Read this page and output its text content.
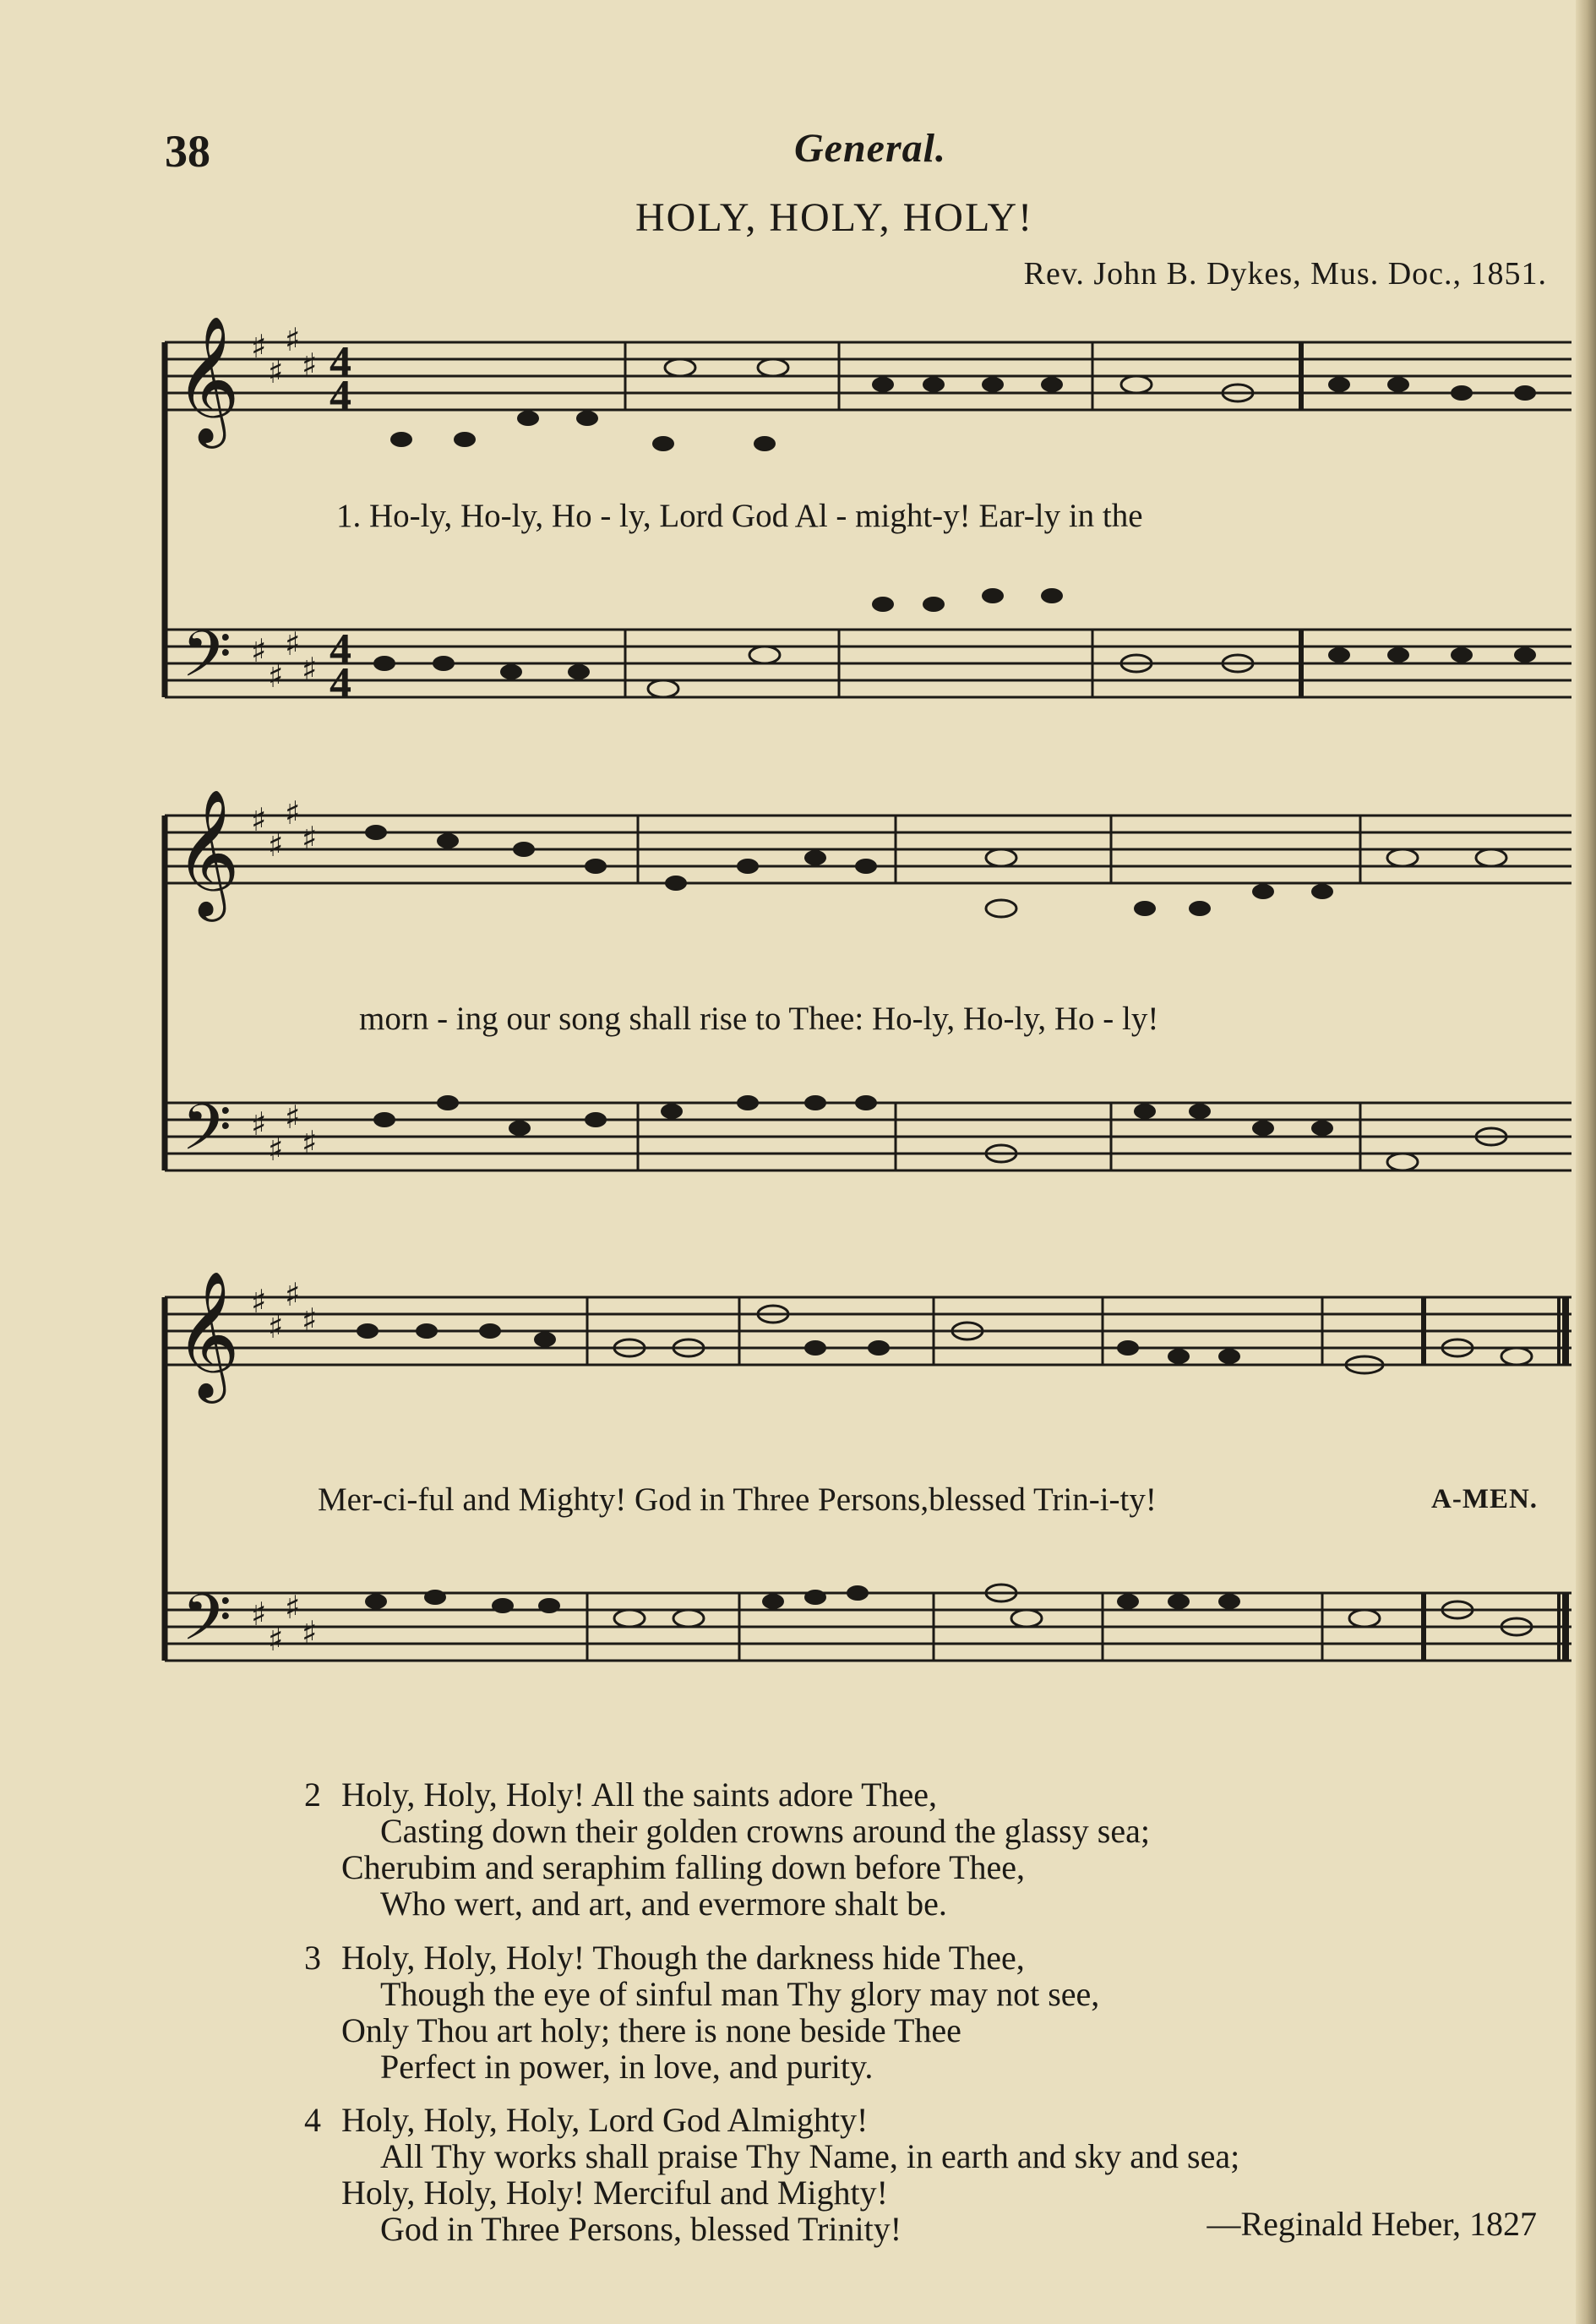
38	General.
HOLY, HOLY, HOLY!
Rev. John B. Dykes, Mus. Doc., 1851.
𝄞
𝄢
♯
♯
♯
♯
♯
♯
♯
♯
4
4
4
4
1. Ho-ly, Ho-ly, Ho - ly, Lord God Al - might-y! Ear-ly in the
𝄞
𝄢
♯
♯
♯
♯
♯
♯
♯
♯
morn - ing our song shall rise to Thee: Ho-ly, Ho-ly, Ho - ly!
𝄞
𝄢
♯
♯
♯
♯
♯
♯
♯
♯
Mer-ci-ful and Mighty! God in Three Persons,blessed Trin-i-ty!	A-MEN.
2 Holy, Holy, Holy! All the saints adore Thee,
Casting down their golden crowns around the glassy sea;
Cherubim and seraphim falling down before Thee,
Who wert, and art, and evermore shalt be.
3 Holy, Holy, Holy! Though the darkness hide Thee,
Though the eye of sinful man Thy glory may not see,
Only Thou art holy; there is none beside Thee
Perfect in power, in love, and purity.
4 Holy, Holy, Holy, Lord God Almighty!
All Thy works shall praise Thy Name, in earth and sky and sea;
Holy, Holy, Holy! Merciful and Mighty!
God in Three Persons, blessed Trinity!	—Reginald Heber, 1827
